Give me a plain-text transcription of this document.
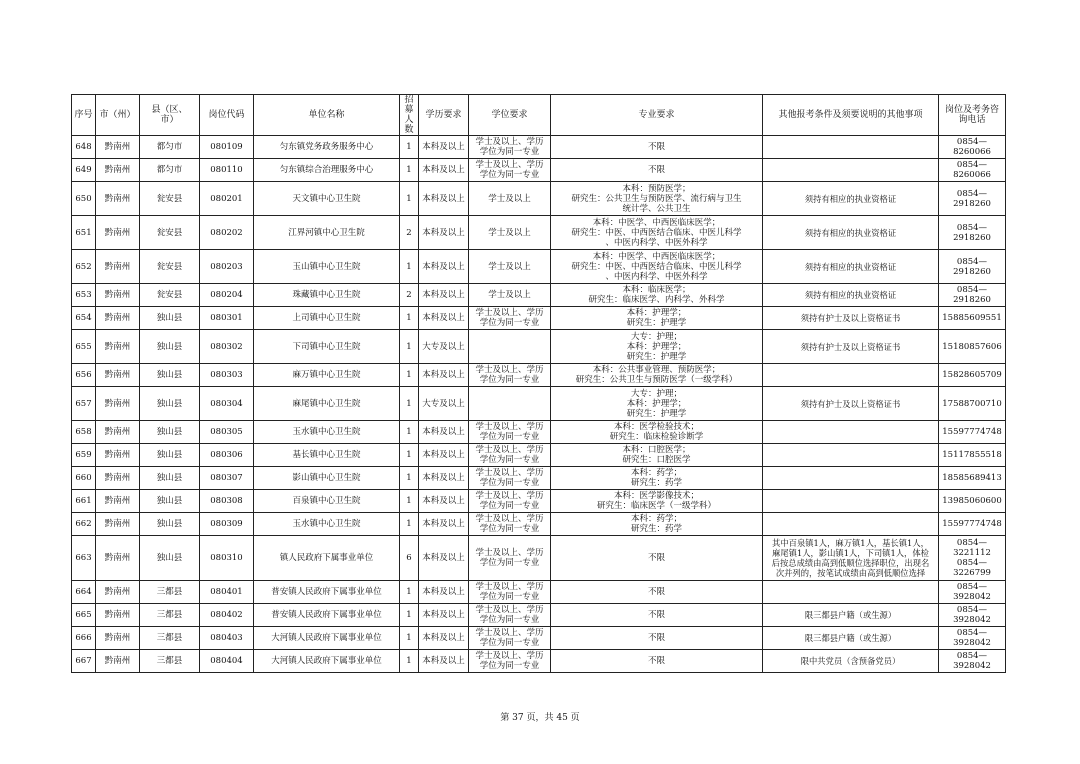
序号	市（州）	县（区、
市）	岗位代码	单位名称	招募
人数	学历要求	学位要求	专业要求	其他报考条件及须要说明的其他事项	岗位及考务咨
询电话
648	黔南州	都匀市	080109	匀东镇党务政务服务中心	1	本科及以上	学士及以上、学历
学位为同一专业	不限		0854—8260066
649	黔南州	都匀市	080110	匀东镇综合治理服务中心	1	本科及以上	学士及以上、学历
学位为同一专业	不限		0854—8260066
650	黔南州	瓮安县	080201	天文镇中心卫生院	1	本科及以上	学士及以上	本科：预防医学；
研究生：公共卫生与预防医学、流行病与卫生
统计学、公共卫生	须持有相应的执业资格证	0854—2918260
651	黔南州	瓮安县	080202	江界河镇中心卫生院	2	本科及以上	学士及以上	本科：中医学、中西医临床医学；
研究生：中医、中西医结合临床、中医儿科学
、中医内科学、中医外科学	须持有相应的执业资格证	0854—2918260
652	黔南州	瓮安县	080203	玉山镇中心卫生院	1	本科及以上	学士及以上	本科：中医学、中西医临床医学；
研究生：中医、中西医结合临床、中医儿科学
、中医内科学、中医外科学	须持有相应的执业资格证	0854—2918260
653	黔南州	瓮安县	080204	珠藏镇中心卫生院	2	本科及以上	学士及以上	本科：临床医学；
研究生：临床医学、内科学、外科学	须持有相应的执业资格证	0854—2918260
654	黔南州	独山县	080301	上司镇中心卫生院	1	本科及以上	学士及以上、学历
学位为同一专业	本科：护理学；
研究生：护理学	须持有护士及以上资格证书	15885609551
655	黔南州	独山县	080302	下司镇中心卫生院	1	大专及以上		大专：护理；
本科：护理学；
研究生：护理学	须持有护士及以上资格证书	15180857606
656	黔南州	独山县	080303	麻万镇中心卫生院	1	本科及以上	学士及以上、学历
学位为同一专业	本科：公共事业管理、预防医学；
研究生：公共卫生与预防医学（一级学科）		15828605709
657	黔南州	独山县	080304	麻尾镇中心卫生院	1	大专及以上		大专：护理；
本科：护理学；
研究生：护理学	须持有护士及以上资格证书	17588700710
658	黔南州	独山县	080305	玉水镇中心卫生院	1	本科及以上	学士及以上、学历
学位为同一专业	本科：医学检验技术；
研究生：临床检验诊断学		15597774748
659	黔南州	独山县	080306	基长镇中心卫生院	1	本科及以上	学士及以上、学历
学位为同一专业	本科：口腔医学；
研究生：口腔医学		15117855518
660	黔南州	独山县	080307	影山镇中心卫生院	1	本科及以上	学士及以上、学历
学位为同一专业	本科：药学；
研究生：药学		18585689413
661	黔南州	独山县	080308	百泉镇中心卫生院	1	本科及以上	学士及以上、学历
学位为同一专业	本科：医学影像技术；
研究生：临床医学（一级学科）		13985060600
662	黔南州	独山县	080309	玉水镇中心卫生院	1	本科及以上	学士及以上、学历
学位为同一专业	本科：药学；
研究生：药学		15597774748
663	黔南州	独山县	080310	镇人民政府下属事业单位	6	本科及以上	学士及以上、学历
学位为同一专业	不限	其中百泉镇1人，麻万镇1人，基长镇1人，
麻尾镇1人，影山镇1人，下司镇1人，体检
后按总成绩由高到低顺位选择职位，出现名
次并列的，按笔试成绩由高到低顺位选择	0854—3221112
0854—3226799
664	黔南州	三都县	080401	普安镇人民政府下属事业单位	1	本科及以上	学士及以上、学历
学位为同一专业	不限		0854—3928042
665	黔南州	三都县	080402	普安镇人民政府下属事业单位	1	本科及以上	学士及以上、学历
学位为同一专业	不限	限三都县户籍（或生源）	0854—3928042
666	黔南州	三都县	080403	大河镇人民政府下属事业单位	1	本科及以上	学士及以上、学历
学位为同一专业	不限	限三都县户籍（或生源）	0854—3928042
667	黔南州	三都县	080404	大河镇人民政府下属事业单位	1	本科及以上	学士及以上、学历
学位为同一专业	不限	限中共党员（含预备党员）	0854—3928042
第 37 页，共 45 页
